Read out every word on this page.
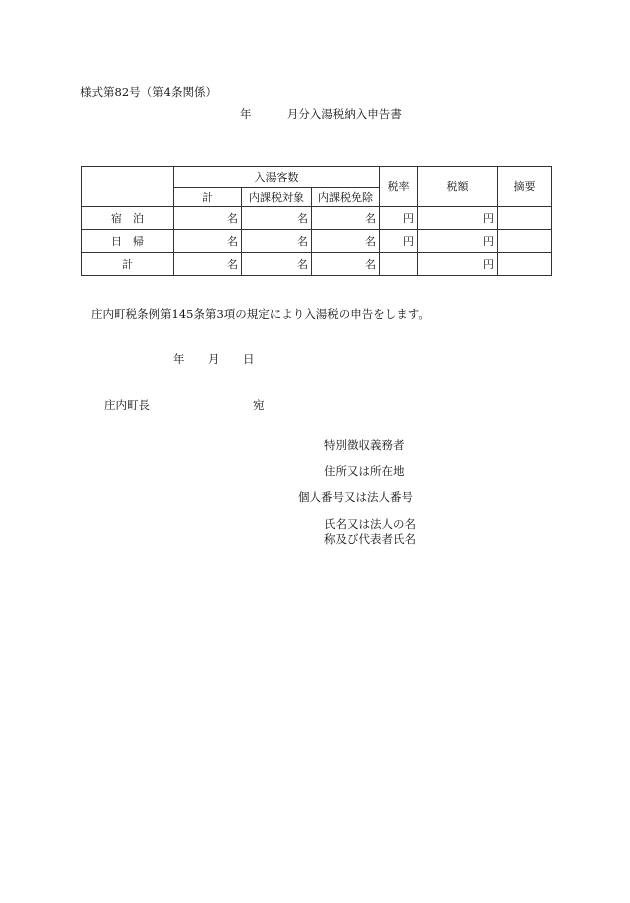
様式第82号（第4条関係）
年	月分入湯税納入申告書
	入湯客数			税率	税額	摘要
	計	内課税対象	内課税免除			
宿　泊	名	名	名	円	円	
日　帰	名	名	名	円	円	
計	名	名	名		円	
庄内町税条例第145条第3項の規定により入湯税の申告をします。
年 月 日
庄内町長	宛
特別徴収義務者
住所又は所在地
個人番号又は法人番号
氏名又は法人の名
称及び代表者氏名
